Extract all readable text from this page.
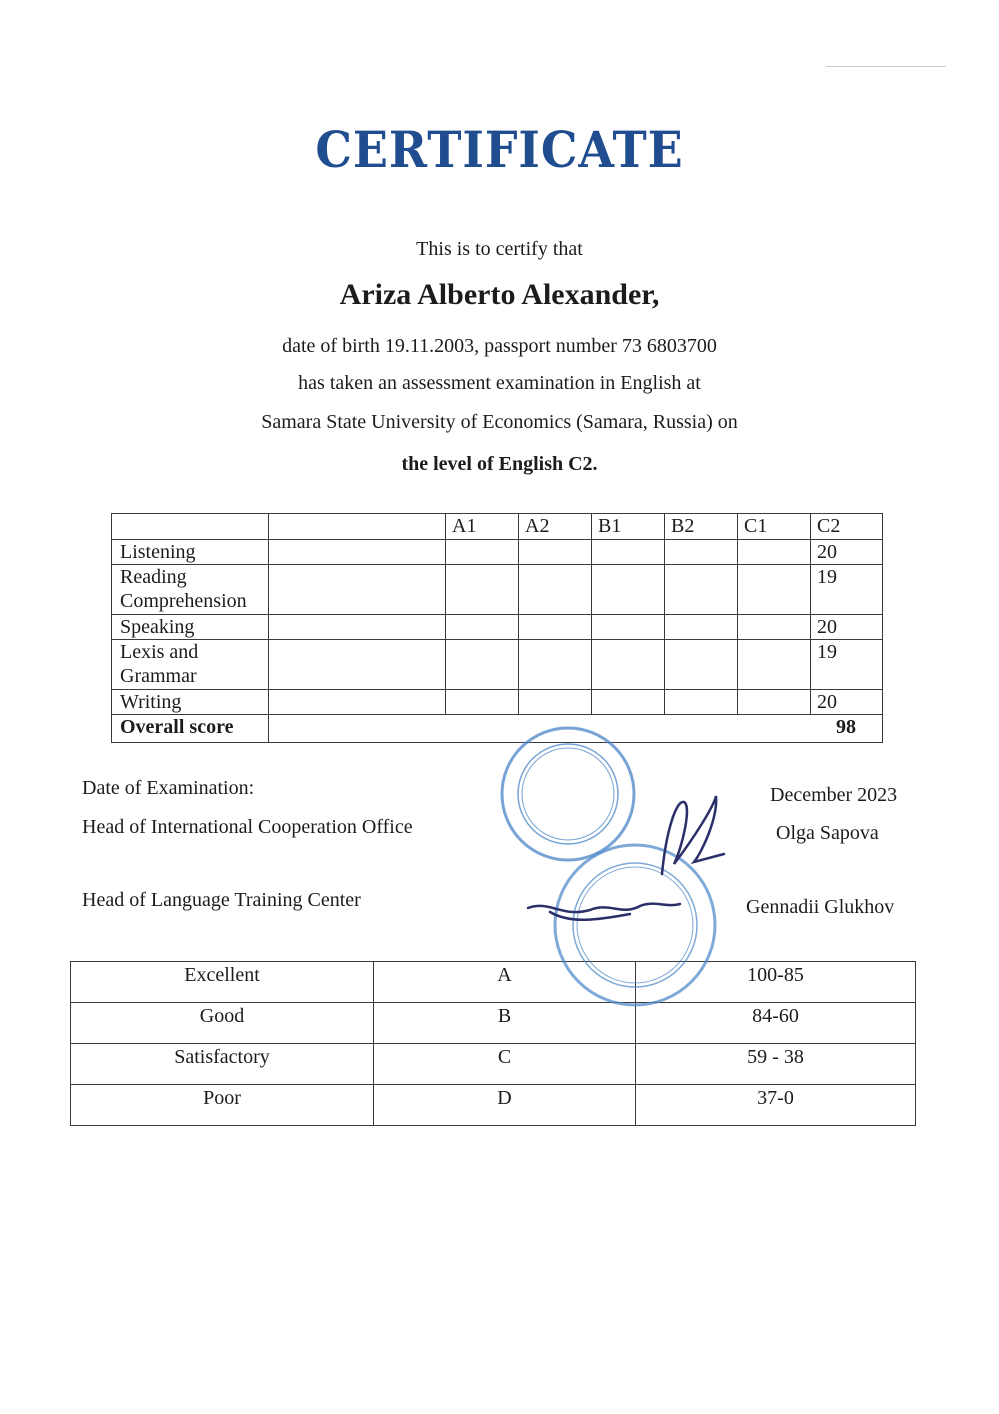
CERTIFICATE
This is to certify that
Ariza Alberto Alexander,
date of birth 19.11.2003, passport number 73 6803700
has taken an assessment examination in English at
Samara State University of Economics (Samara, Russia) on
the level of English C2.
		A1	A2	B1	B2	C1	C2
Listening							20
Reading Comprehension							19
Speaking							20
Lexis and Grammar							19
Writing							20
Overall score	98						
Date of Examination:
Head of International Cooperation Office
Head of Language Training Center
December 2023
Olga Sapova
Gennadii Glukhov
Excellent	A	100-85
Good	B	84-60
Satisfactory	C	59 - 38
Poor	D	37-0
